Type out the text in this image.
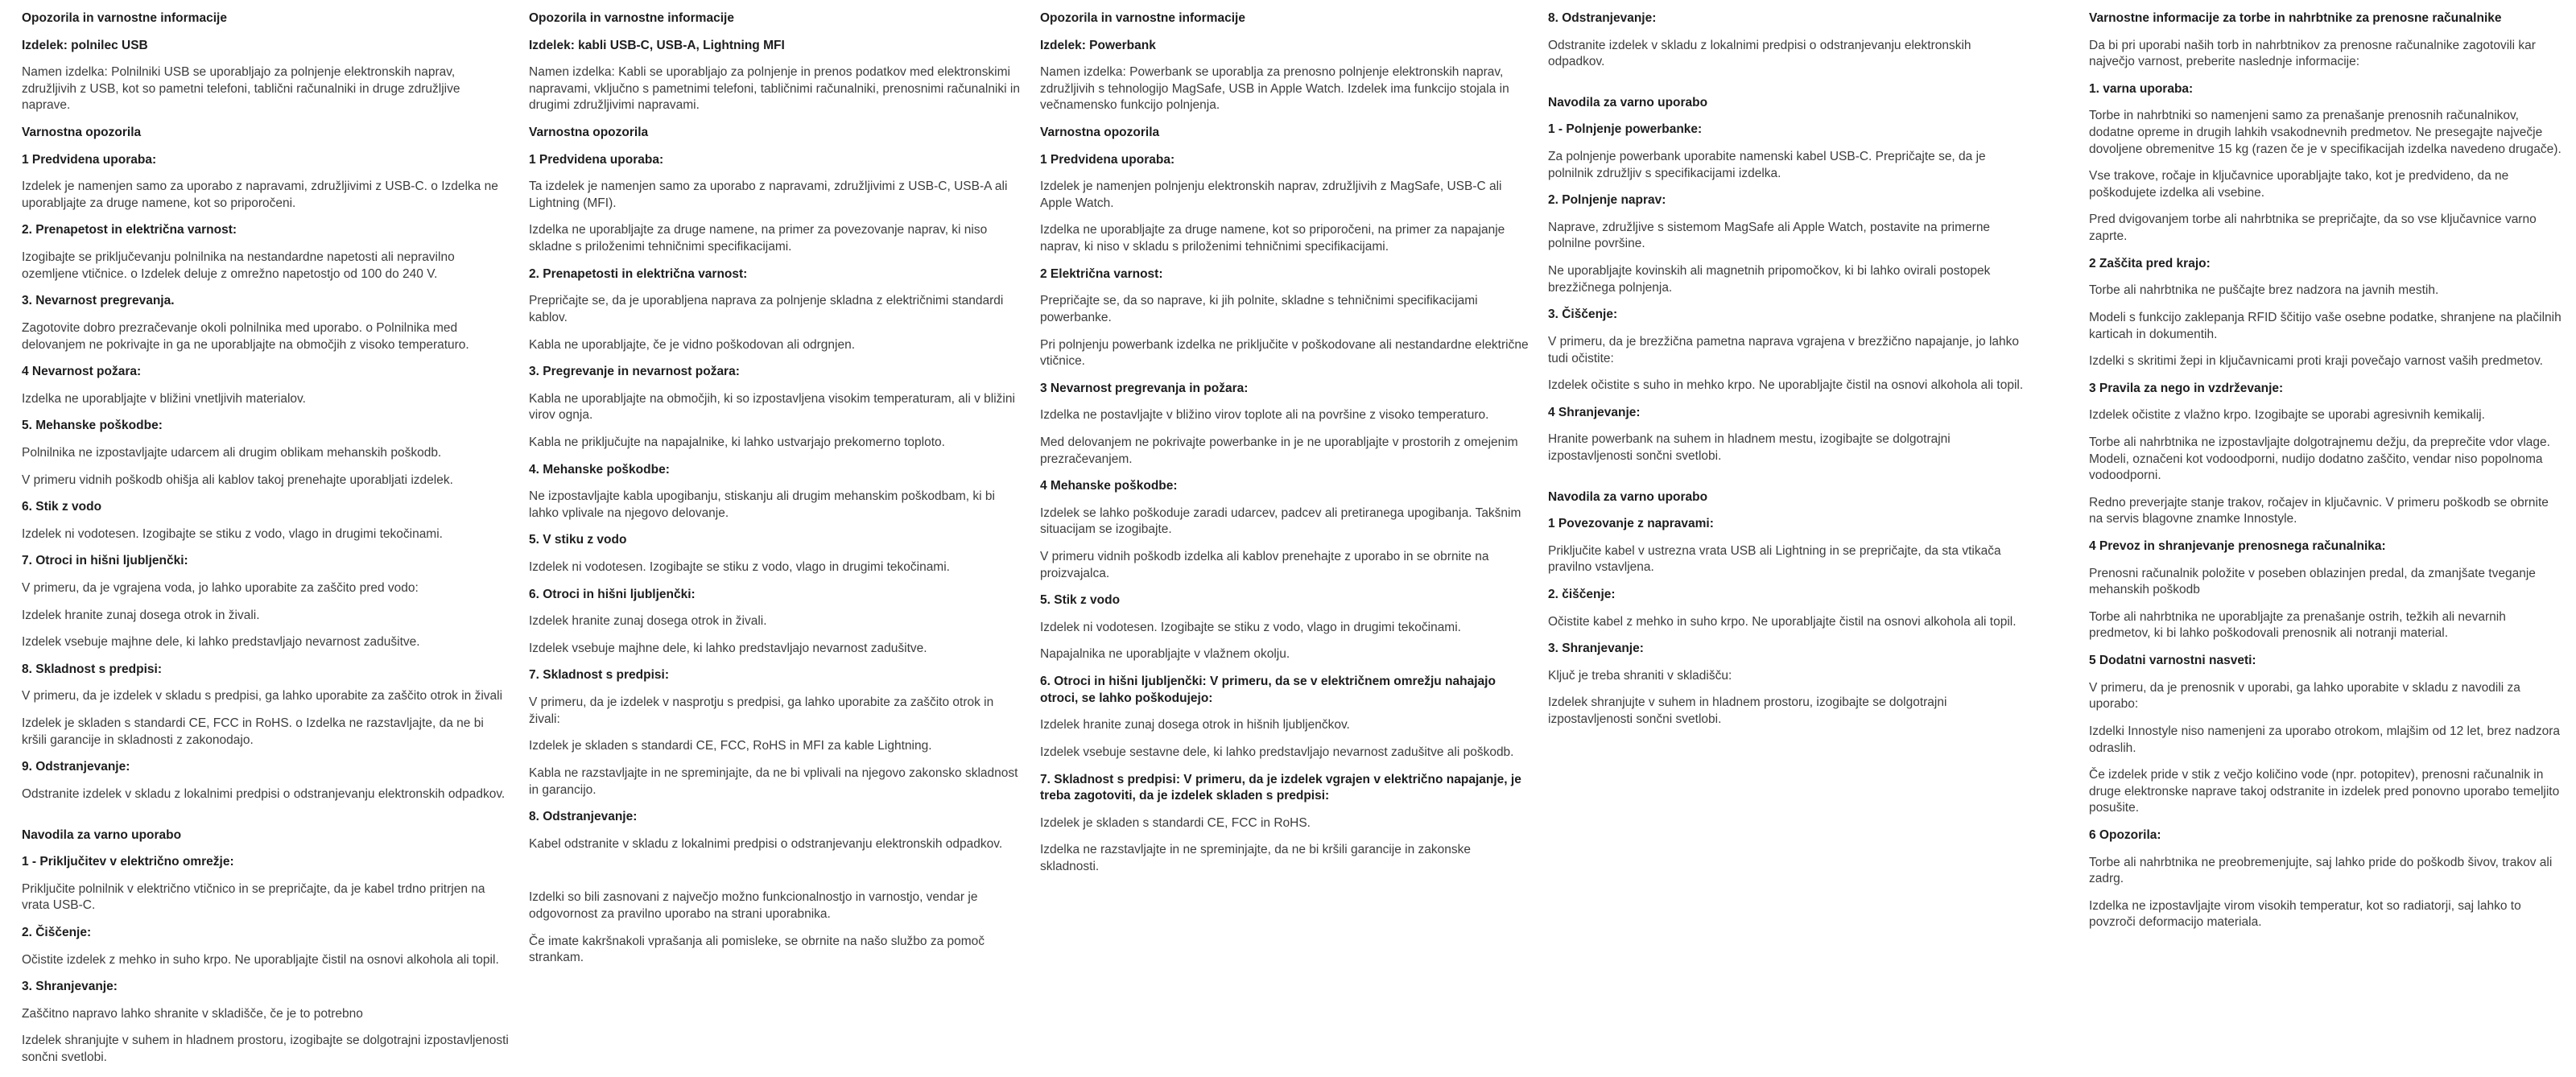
Opozorila in varnostne informacije

Izdelek: polnilec USB

Namen izdelka: Polnilniki USB se uporabljajo za polnjenje elektronskih naprav, združljivih z USB, kot so pametni telefoni, tablični računalniki in druge združljive naprave.

Varnostna opozorila

1 Predvidena uporaba:

Izdelek je namenjen samo za uporabo z napravami, združljivimi z USB-C. o Izdelka ne uporabljajte za druge namene, kot so priporočeni.

2. Prenapetost in električna varnost:

Izogibajte se priključevanju polnilnika na nestandardne napetosti ali nepravilno ozemljene vtičnice. o Izdelek deluje z omrežno napetostjo od 100 do 240 V.

3. Nevarnost pregrevanja.

Zagotovite dobro prezračevanje okoli polnilnika med uporabo. o Polnilnika med delovanjem ne pokrivajte in ga ne uporabljajte na območjih z visoko temperaturo.

4 Nevarnost požara:

Izdelka ne uporabljajte v bližini vnetljivih materialov.

5. Mehanske poškodbe:

Polnilnika ne izpostavljajte udarcem ali drugim oblikam mehanskih poškodb.

V primeru vidnih poškodb ohišja ali kablov takoj prenehajte uporabljati izdelek.

6. Stik z vodo

Izdelek ni vodotesen. Izogibajte se stiku z vodo, vlago in drugimi tekočinami.

7. Otroci in hišni ljubljenčki:

V primeru, da je vgrajena voda, jo lahko uporabite za zaščito pred vodo:

Izdelek hranite zunaj dosega otrok in živali.

Izdelek vsebuje majhne dele, ki lahko predstavljajo nevarnost zadušitve.

8. Skladnost s predpisi:

V primeru, da je izdelek v skladu s predpisi, ga lahko uporabite za zaščito otrok in živali

Izdelek je skladen s standardi CE, FCC in RoHS. o Izdelka ne razstavljajte, da ne bi kršili garancije in skladnosti z zakonodajo.

9. Odstranjevanje:

Odstranite izdelek v skladu z lokalnimi predpisi o odstranjevanju elektronskih odpadkov.

Navodila za varno uporabo

1 - Priključitev v električno omrežje:

Priključite polnilnik v električno vtičnico in se prepričajte, da je kabel trdno pritrjen na vrata USB-C.

2. Čiščenje:

Očistite izdelek z mehko in suho krpo. Ne uporabljajte čistil na osnovi alkohola ali topil.

3. Shranjevanje:

Zaščitno napravo lahko shranite v skladišče, če je to potrebno

Izdelek shranjujte v suhem in hladnem prostoru, izogibajte se dolgotrajni izpostavljenosti sončni svetlobi.

Opozorila in varnostne informacije

Izdelek: kabli USB-C, USB-A, Lightning MFI

Namen izdelka: Kabli se uporabljajo za polnjenje in prenos podatkov med elektronskimi napravami, vključno s pametnimi telefoni, tabličnimi računalniki, prenosnimi računalniki in drugimi združljivimi napravami.

Varnostna opozorila

1 Predvidena uporaba:

Ta izdelek je namenjen samo za uporabo z napravami, združljivimi z USB-C, USB-A ali Lightning (MFI).

Izdelka ne uporabljajte za druge namene, na primer za povezovanje naprav, ki niso skladne s priloženimi tehničnimi specifikacijami.

2. Prenapetosti in električna varnost:

Prepričajte se, da je uporabljena naprava za polnjenje skladna z električnimi standardi kablov.

Kabla ne uporabljajte, če je vidno poškodovan ali odrgnjen.

3. Pregrevanje in nevarnost požara:

Kabla ne uporabljajte na območjih, ki so izpostavljena visokim temperaturam, ali v bližini virov ognja.

Kabla ne priključujte na napajalnike, ki lahko ustvarjajo prekomerno toploto.

4. Mehanske poškodbe:

Ne izpostavljajte kabla upogibanju, stiskanju ali drugim mehanskim poškodbam, ki bi lahko vplivale na njegovo delovanje.

5. V stiku z vodo

Izdelek ni vodotesen. Izogibajte se stiku z vodo, vlago in drugimi tekočinami.

6. Otroci in hišni ljubljenčki:

Izdelek hranite zunaj dosega otrok in živali.

Izdelek vsebuje majhne dele, ki lahko predstavljajo nevarnost zadušitve.

7. Skladnost s predpisi:

V primeru, da je izdelek v nasprotju s predpisi, ga lahko uporabite za zaščito otrok in živali:

Izdelek je skladen s standardi CE, FCC, RoHS in MFI za kable Lightning.

Kabla ne razstavljajte in ne spreminjajte, da ne bi vplivali na njegovo zakonsko skladnost in garancijo.

8. Odstranjevanje:

Kabel odstranite v skladu z lokalnimi predpisi o odstranjevanju elektronskih odpadkov.

Izdelki so bili zasnovani z največjo možno funkcionalnostjo in varnostjo, vendar je odgovornost za pravilno uporabo na strani uporabnika.

Če imate kakršnakoli vprašanja ali pomisleke, se obrnite na našo službo za pomoč strankam.

Opozorila in varnostne informacije

Izdelek: Powerbank

Namen izdelka: Powerbank se uporablja za prenosno polnjenje elektronskih naprav, združljivih s tehnologijo MagSafe, USB in Apple Watch. Izdelek ima funkcijo stojala in večnamensko funkcijo polnjenja.

Varnostna opozorila

1 Predvidena uporaba:

Izdelek je namenjen polnjenju elektronskih naprav, združljivih z MagSafe, USB-C ali Apple Watch.

Izdelka ne uporabljajte za druge namene, kot so priporočeni, na primer za napajanje naprav, ki niso v skladu s priloženimi tehničnimi specifikacijami.

2 Električna varnost:

Prepričajte se, da so naprave, ki jih polnite, skladne s tehničnimi specifikacijami powerbanke.

Pri polnjenju powerbank izdelka ne priključite v poškodovane ali nestandardne električne vtičnice.

3 Nevarnost pregrevanja in požara:

Izdelka ne postavljajte v bližino virov toplote ali na površine z visoko temperaturo.

Med delovanjem ne pokrivajte powerbanke in je ne uporabljajte v prostorih z omejenim prezračevanjem.

4 Mehanske poškodbe:

Izdelek se lahko poškoduje zaradi udarcev, padcev ali pretiranega upogibanja. Takšnim situacijam se izogibajte.

V primeru vidnih poškodb izdelka ali kablov prenehajte z uporabo in se obrnite na proizvajalca.

5. Stik z vodo

Izdelek ni vodotesen. Izogibajte se stiku z vodo, vlago in drugimi tekočinami.

Napajalnika ne uporabljajte v vlažnem okolju.

6. Otroci in hišni ljubljenčki: V primeru, da se v električnem omrežju nahajajo otroci, se lahko poškodujejo:

Izdelek hranite zunaj dosega otrok in hišnih ljubljenčkov.

Izdelek vsebuje sestavne dele, ki lahko predstavljajo nevarnost zadušitve ali poškodb.

7. Skladnost s predpisi: V primeru, da je izdelek vgrajen v električno napajanje, je treba zagotoviti, da je izdelek skladen s predpisi:

Izdelek je skladen s standardi CE, FCC in RoHS.

Izdelka ne razstavljajte in ne spreminjajte, da ne bi kršili garancije in zakonske skladnosti.

8. Odstranjevanje:

Odstranite izdelek v skladu z lokalnimi predpisi o odstranjevanju elektronskih odpadkov.

Navodila za varno uporabo

1 - Polnjenje powerbanke:

Za polnjenje powerbank uporabite namenski kabel USB-C. Prepričajte se, da je polnilnik združljiv s specifikacijami izdelka.

2. Polnjenje naprav:

Naprave, združljive s sistemom MagSafe ali Apple Watch, postavite na primerne polnilne površine.

Ne uporabljajte kovinskih ali magnetnih pripomočkov, ki bi lahko ovirali postopek brezžičnega polnjenja.

3. Čiščenje:

V primeru, da je brezžična pametna naprava vgrajena v brezžično napajanje, jo lahko tudi očistite:

Izdelek očistite s suho in mehko krpo. Ne uporabljajte čistil na osnovi alkohola ali topil.

4 Shranjevanje:

Hranite powerbank na suhem in hladnem mestu, izogibajte se dolgotrajni izpostavljenosti sončni svetlobi.

Navodila za varno uporabo

1 Povezovanje z napravami:

Priključite kabel v ustrezna vrata USB ali Lightning in se prepričajte, da sta vtikača pravilno vstavljena.

2. čiščenje:

Očistite kabel z mehko in suho krpo. Ne uporabljajte čistil na osnovi alkohola ali topil.

3. Shranjevanje:

Ključ je treba shraniti v skladišču:

Izdelek shranjujte v suhem in hladnem prostoru, izogibajte se dolgotrajni izpostavljenosti sončni svetlobi.

Varnostne informacije za torbe in nahrbtnike za prenosne računalnike

Da bi pri uporabi naših torb in nahrbtnikov za prenosne računalnike zagotovili kar največjo varnost, preberite naslednje informacije:

1. varna uporaba:

Torbe in nahrbtniki so namenjeni samo za prenašanje prenosnih računalnikov, dodatne opreme in drugih lahkih vsakodnevnih predmetov. Ne presegajte največje dovoljene obremenitve 15 kg (razen če je v specifikacijah izdelka navedeno drugače).

Vse trakove, ročaje in ključavnice uporabljajte tako, kot je predvideno, da ne poškodujete izdelka ali vsebine.

Pred dvigovanjem torbe ali nahrbtnika se prepričajte, da so vse ključavnice varno zaprte.

2 Zaščita pred krajo:

Torbe ali nahrbtnika ne puščajte brez nadzora na javnih mestih.

Modeli s funkcijo zaklepanja RFID ščitijo vaše osebne podatke, shranjene na plačilnih karticah in dokumentih.

Izdelki s skritimi žepi in ključavnicami proti kraji povečajo varnost vaših predmetov.

3 Pravila za nego in vzdrževanje:

Izdelek očistite z vlažno krpo. Izogibajte se uporabi agresivnih kemikalij.

Torbe ali nahrbtnika ne izpostavljajte dolgotrajnemu dežju, da preprečite vdor vlage. Modeli, označeni kot vodoodporni, nudijo dodatno zaščito, vendar niso popolnoma vodoodporni.

Redno preverjajte stanje trakov, ročajev in ključavnic. V primeru poškodb se obrnite na servis blagovne znamke Innostyle.

4 Prevoz in shranjevanje prenosnega računalnika:

Prenosni računalnik položite v poseben oblazinjen predal, da zmanjšate tveganje mehanskih poškodb

Torbe ali nahrbtnika ne uporabljajte za prenašanje ostrih, težkih ali nevarnih predmetov, ki bi lahko poškodovali prenosnik ali notranji material.

5 Dodatni varnostni nasveti:

V primeru, da je prenosnik v uporabi, ga lahko uporabite v skladu z navodili za uporabo:

Izdelki Innostyle niso namenjeni za uporabo otrokom, mlajšim od 12 let, brez nadzora odraslih.

Če izdelek pride v stik z večjo količino vode (npr. potopitev), prenosni računalnik in druge elektronske naprave takoj odstranite in izdelek pred ponovno uporabo temeljito posušite.

6 Opozorila:

Torbe ali nahrbtnika ne preobremenjujte, saj lahko pride do poškodb šivov, trakov ali zadrg.

Izdelka ne izpostavljajte virom visokih temperatur, kot so radiatorji, saj lahko to povzroči deformacijo materiala.
